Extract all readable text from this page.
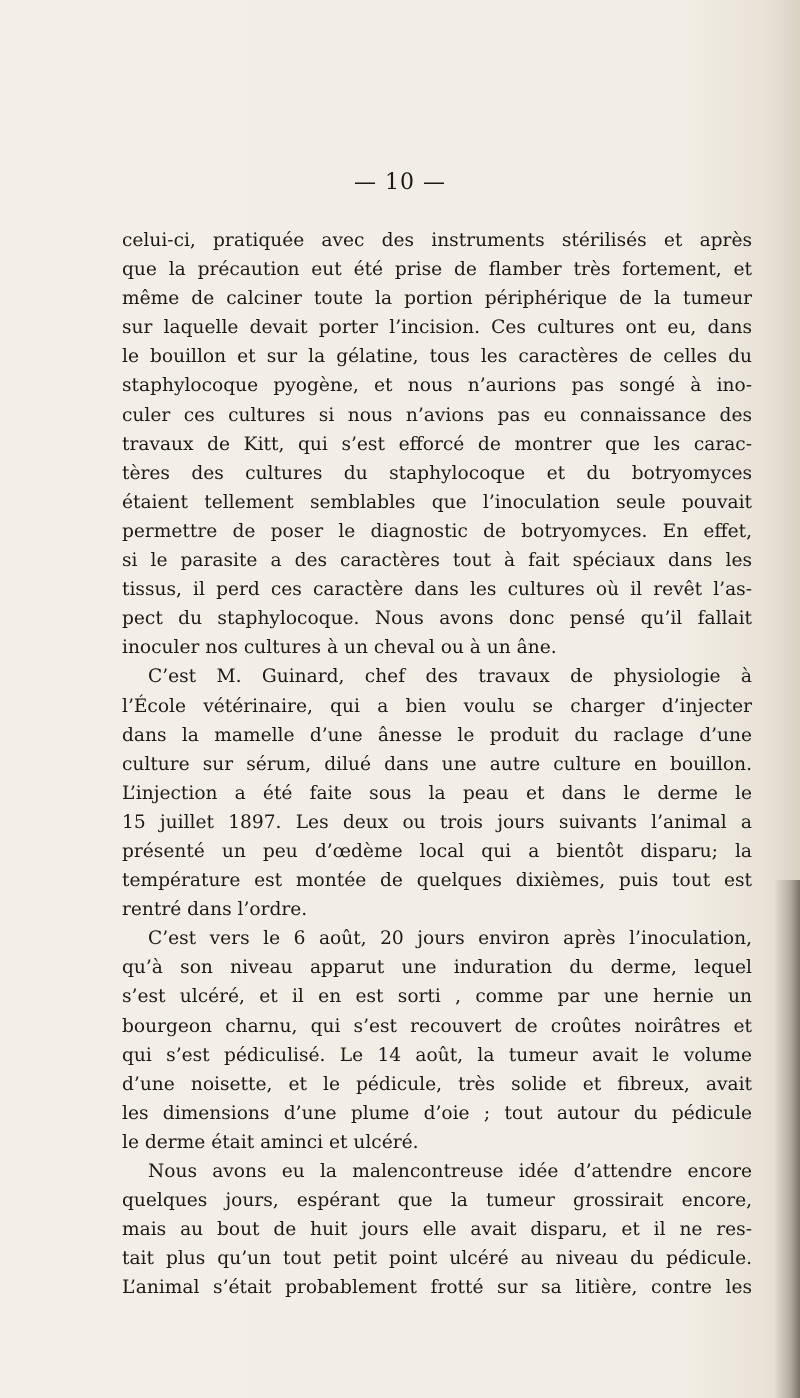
— 10 —
celui-ci, pratiquée avec des instruments stérilisés et après
que la précaution eut été prise de flamber très fortement, et
même de calciner toute la portion périphérique de la tumeur
sur laquelle devait porter l’incision. Ces cultures ont eu, dans
le bouillon et sur la gélatine, tous les caractères de celles du
staphylocoque pyogène, et nous n’aurions pas songé à ino-
culer ces cultures si nous n’avions pas eu connaissance des
travaux de Kitt, qui s’est efforcé de montrer que les carac-
tères des cultures du staphylocoque et du botryomyces
étaient tellement semblables que l’inoculation seule pouvait
permettre de poser le diagnostic de botryomyces. En effet,
si le parasite a des caractères tout à fait spéciaux dans les
tissus, il perd ces caractère dans les cultures où il revêt l’as-
pect du staphylocoque. Nous avons donc pensé qu’il fallait
inoculer nos cultures à un cheval ou à un âne.
C’est M. Guinard, chef des travaux de physiologie à
l’École vétérinaire, qui a bien voulu se charger d’injecter
dans la mamelle d’une ânesse le produit du raclage d’une
culture sur sérum, dilué dans une autre culture en bouillon.
L’injection a été faite sous la peau et dans le derme le
15 juillet 1897. Les deux ou trois jours suivants l’animal a
présenté un peu d’œdème local qui a bientôt disparu; la
température est montée de quelques dixièmes, puis tout est
rentré dans l’ordre.
C’est vers le 6 août, 20 jours environ après l’inoculation,
qu’à son niveau apparut une induration du derme, lequel
s’est ulcéré, et il en est sorti , comme par une hernie un
bourgeon charnu, qui s’est recouvert de croûtes noirâtres et
qui s’est pédiculisé. Le 14 août, la tumeur avait le volume
d’une noisette, et le pédicule, très solide et fibreux, avait
les dimensions d’une plume d’oie ; tout autour du pédicule
le derme était aminci et ulcéré.
Nous avons eu la malencontreuse idée d’attendre encore
quelques jours, espérant que la tumeur grossirait encore,
mais au bout de huit jours elle avait disparu, et il ne res-
tait plus qu’un tout petit point ulcéré au niveau du pédicule.
L’animal s’était probablement frotté sur sa litière, contre les
